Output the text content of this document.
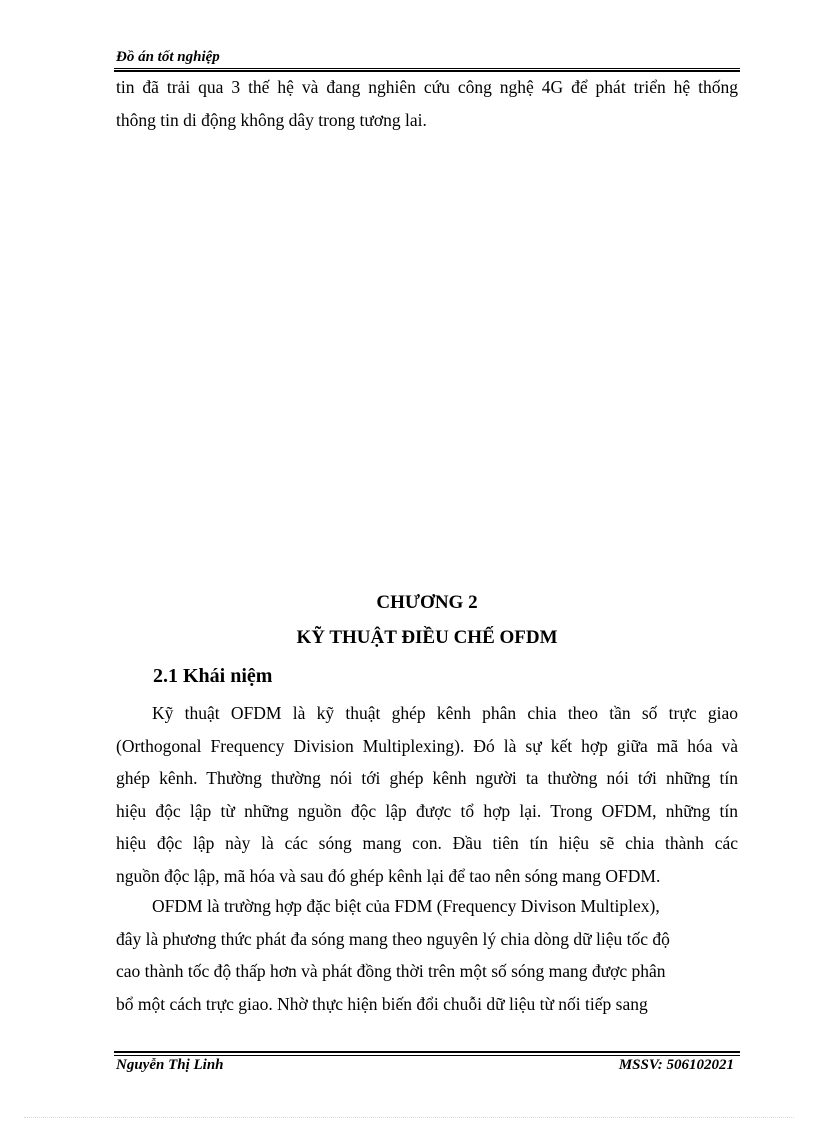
Đồ án tốt nghiệp
tin đã trải qua 3 thế hệ và đang nghiên cứu công nghệ 4G để phát triển hệ thống
thông tin di động không dây trong tương lai.
CHƯƠNG 2
KỸ THUẬT ĐIỀU CHẾ OFDM
2.1 Khái niệm
Kỹ thuật OFDM là kỹ thuật ghép kênh phân chia theo tần số trực giao
(Orthogonal Frequency Division Multiplexing). Đó là sự kết hợp giữa mã hóa và
ghép kênh. Thường thường nói tới ghép kênh người ta thường nói tới những tín
hiệu độc lập từ những nguồn độc lập được tổ hợp lại. Trong OFDM, những tín
hiệu độc lập này là các sóng mang con. Đầu tiên tín hiệu sẽ chia thành các
nguồn độc lập, mã hóa và sau đó ghép kênh lại để tao nên sóng mang OFDM.
OFDM là trường hợp đặc biệt của FDM (Frequency Divison Multiplex),
đây là phương thức phát đa sóng mang theo nguyên lý chia dòng dữ liệu tốc độ
cao thành tốc độ thấp hơn và phát đồng thời trên một số sóng mang được phân
bổ một cách trực giao. Nhờ thực hiện biến đổi chuỗi dữ liệu từ nối tiếp sang
Nguyễn Thị Linh	MSSV: 506102021
